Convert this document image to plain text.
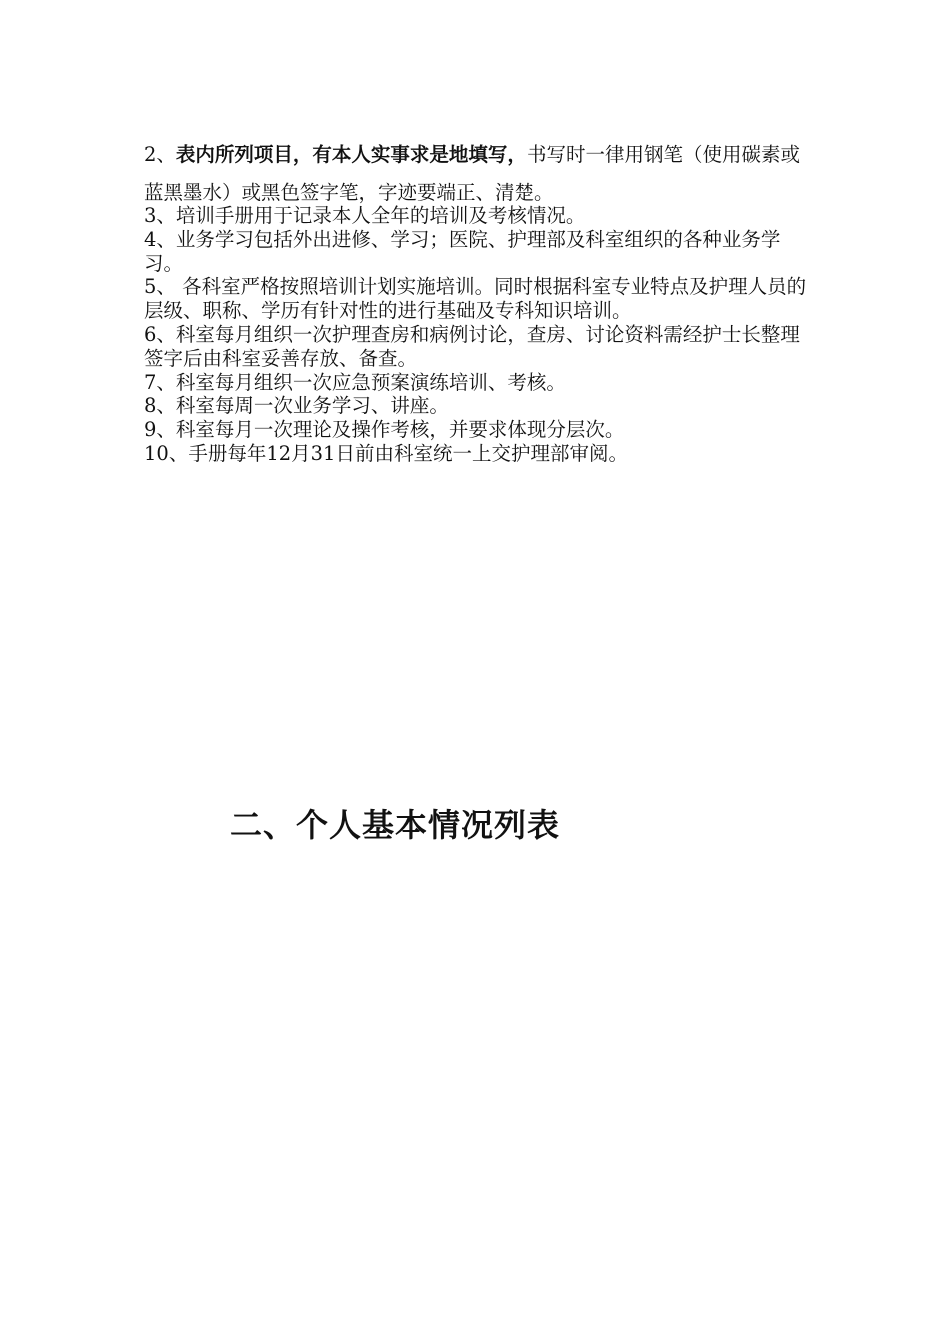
2、表内所列项目，有本人实事求是地填写，书写时一律用钢笔（使用碳素或蓝黑墨水）或黑色签字笔，字迹要端正、清楚。

3、培训手册用于记录本人全年的培训及考核情况。

4、业务学习包括外出进修、学习；医院、护理部及科室组织的各种业务学习。

5、 各科室严格按照培训计划实施培训。同时根据科室专业特点及护理人员的层级、职称、学历有针对性的进行基础及专科知识培训。

6、科室每月组织一次护理查房和病例讨论，查房、讨论资料需经护士长整理签字后由科室妥善存放、备查。

7、科室每月组织一次应急预案演练培训、考核。

8、科室每周一次业务学习、讲座。

9、科室每月一次理论及操作考核，并要求体现分层次。

10、手册每年12月31日前由科室统一上交护理部审阅。

二、个人基本情况列表
